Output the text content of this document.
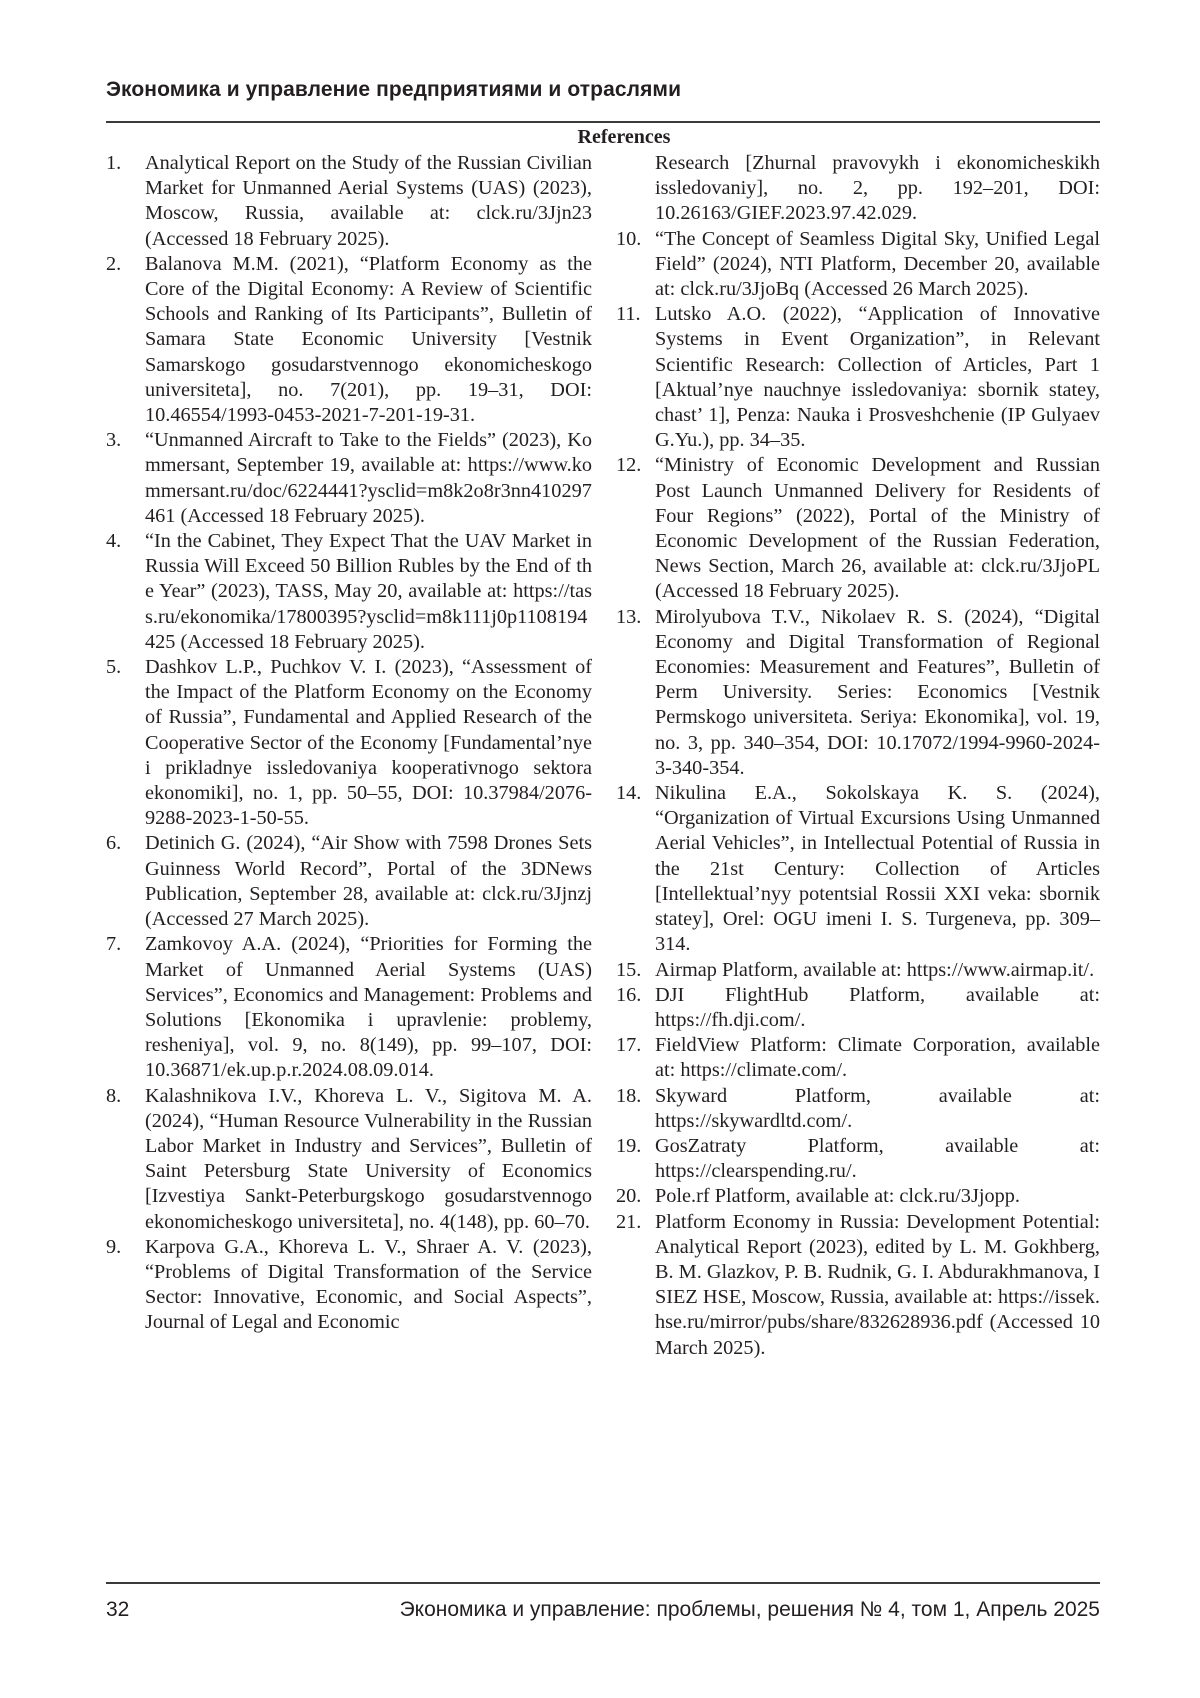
Экономика и управление предприятиями и отраслями
References
1.	Analytical Report on the Study of the Russian Civilian Market for Unmanned Aerial Systems (UAS) (2023), Moscow, Russia, available at: clck.ru/3Jjn23 (Accessed 18 February 2025).
2.	Balanova M.M. (2021), “Platform Economy as the Core of the Digital Economy: A Review of Scientific Schools and Ranking of Its Participants”, Bulletin of Samara State Economic University [Vestnik Samarskogo gosudarstvennogo ekonomicheskogo universiteta], no. 7(201), pp. 19–31, DOI: 10.46554/1993-0453-2021-7-201-19-31.
3.	“Unmanned Aircraft to Take to the Fields” (2023), Kommersant, September 19, available at: https://www.kommersant.ru/doc/6224441?ysclid=m8k2o8r3nn410297461 (Accessed 18 February 2025).
4.	“In the Cabinet, They Expect That the UAV Market in Russia Will Exceed 50 Billion Rubles by the End of the Year” (2023), TASS, May 20, available at: https://tass.ru/ekonomika/17800395?ysclid=m8k111j0p1108194425 (Accessed 18 February 2025).
5.	Dashkov L.P., Puchkov V. I. (2023), “Assessment of the Impact of the Platform Economy on the Economy of Russia”, Fundamental and Applied Research of the Cooperative Sector of the Economy [Fundamental’nye i prikladnye issledovaniya kooperativnogo sektora ekonomiki], no. 1, pp. 50–55, DOI: 10.37984/2076-9288-2023-1-50-55.
6.	Detinich G. (2024), “Air Show with 7598 Drones Sets Guinness World Record”, Portal of the 3DNews Publication, September 28, available at: clck.ru/3Jjnzj (Accessed 27 March 2025).
7.	Zamkovoy A.A. (2024), “Priorities for Forming the Market of Unmanned Aerial Systems (UAS) Services”, Economics and Management: Problems and Solutions [Ekonomika i upravlenie: problemy, resheniya], vol. 9, no. 8(149), pp. 99–107, DOI: 10.36871/ek.up.p.r.2024.08.09.014.
8.	Kalashnikova I.V., Khoreva L. V., Sigitova M. A. (2024), “Human Resource Vulnerability in the Russian Labor Market in Industry and Services”, Bulletin of Saint Petersburg State University of Economics [Izvestiya Sankt-Peterburgskogo gosudarstvennogo ekonomicheskogo universiteta], no. 4(148), pp. 60–70.
9.	Karpova G.A., Khoreva L. V., Shraer A. V. (2023), “Problems of Digital Transformation of the Service Sector: Innovative, Economic, and Social Aspects”, Journal of Legal and Economic
Research [Zhurnal pravovykh i ekonomicheskikh issledovaniy], no. 2, pp. 192–201, DOI: 10.26163/GIEF.2023.97.42.029.
10. “The Concept of Seamless Digital Sky, Unified Legal Field” (2024), NTI Platform, December 20, available at: clck.ru/3JjoBq (Accessed 26 March 2025).
11. Lutsko A.O. (2022), “Application of Innovative Systems in Event Organization”, in Relevant Scientific Research: Collection of Articles, Part 1 [Aktual’nye nauchnye issledovaniya: sbornik statey, chast’ 1], Penza: Nauka i Prosveshchenie (IP Gulyaev G.Yu.), pp. 34–35.
12. “Ministry of Economic Development and Russian Post Launch Unmanned Delivery for Residents of Four Regions” (2022), Portal of the Ministry of Economic Development of the Russian Federation, News Section, March 26, available at: clck.ru/3JjoPL (Accessed 18 February 2025).
13. Mirolyubova T.V., Nikolaev R. S. (2024), “Digital Economy and Digital Transformation of Regional Economies: Measurement and Features”, Bulletin of Perm University. Series: Economics [Vestnik Permskogo universiteta. Seriya: Ekonomika], vol. 19, no. 3, pp. 340–354, DOI: 10.17072/1994-9960-2024-3-340-354.
14. Nikulina E.A., Sokolskaya K. S. (2024), “Organization of Virtual Excursions Using Unmanned Aerial Vehicles”, in Intellectual Potential of Russia in the 21st Century: Collection of Articles [Intellektual’nyy potentsial Rossii XXI veka: sbornik statey], Orel: OGU imeni I. S. Turgeneva, pp. 309–314.
15. Airmap Platform, available at: https://www.airmap.it/.
16. DJI FlightHub Platform, available at: https://fh.dji.com/.
17. FieldView Platform: Climate Corporation, available at: https://climate.com/.
18. Skyward Platform, available at: https://skywardltd.com/.
19. GosZatraty Platform, available at: https://clearspending.ru/.
20. Pole.rf Platform, available at: clck.ru/3Jjopp.
21. Platform Economy in Russia: Development Potential: Analytical Report (2023), edited by L. M. Gokhberg, B. M. Glazkov, P. B. Rudnik, G. I. Abdurakhmanova, ISIEZ HSE, Moscow, Russia, available at: https://issek.hse.ru/mirror/pubs/share/832628936.pdf (Accessed 10 March 2025).
32	Экономика и управление: проблемы, решения № 4, том 1, Апрель 2025
